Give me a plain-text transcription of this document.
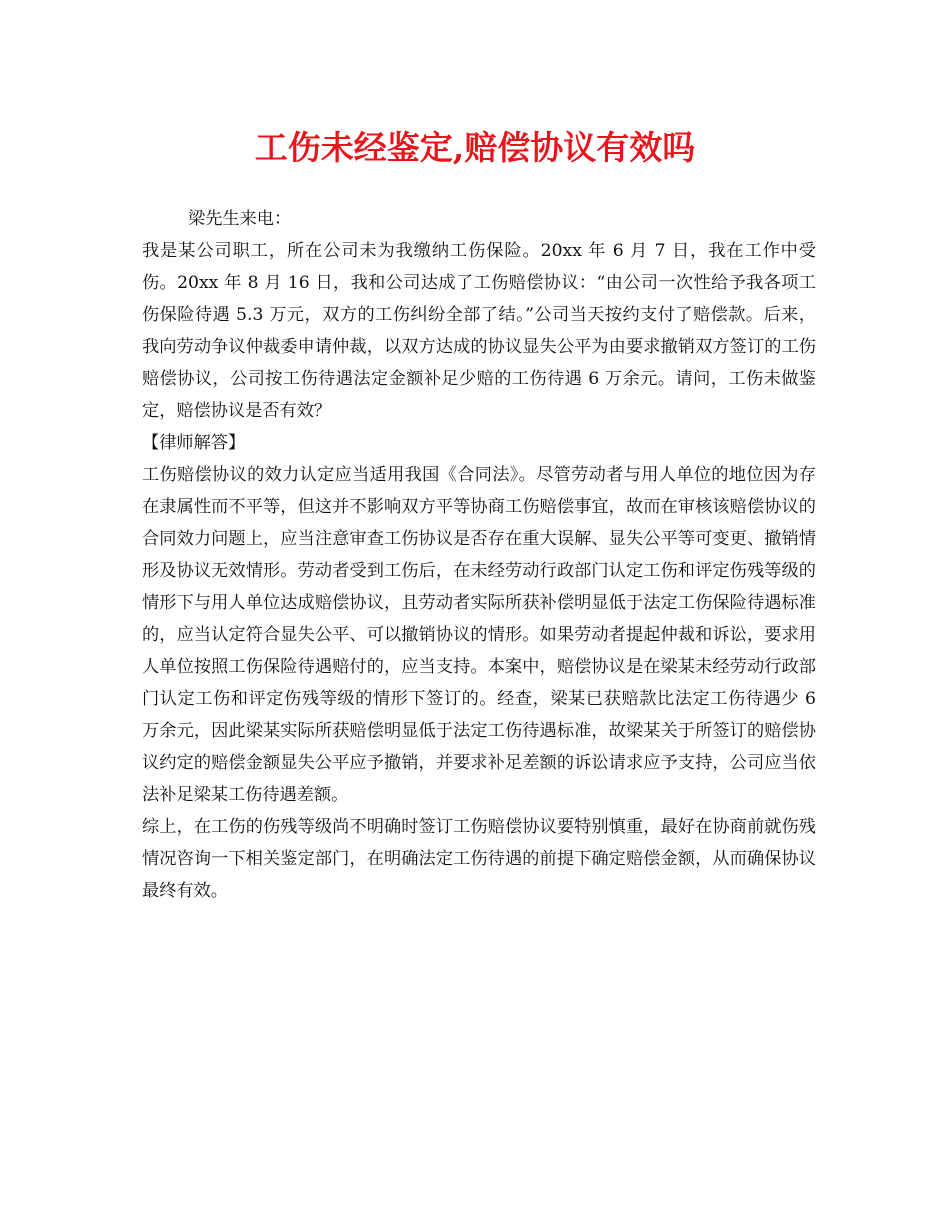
工伤未经鉴定,赔偿协议有效吗

梁先生来电：

我是某公司职工，所在公司未为我缴纳工伤保险。20xx 年 6 月 7 日，我在工作中受伤。20xx 年 8 月 16 日，我和公司达成了工伤赔偿协议：“由公司一次性给予我各项工伤保险待遇 5.3 万元，双方的工伤纠纷全部了结。”公司当天按约支付了赔偿款。后来，我向劳动争议仲裁委申请仲裁，以双方达成的协议显失公平为由要求撤销双方签订的工伤赔偿协议，公司按工伤待遇法定金额补足少赔的工伤待遇 6 万余元。请问，工伤未做鉴定，赔偿协议是否有效？

【律师解答】

工伤赔偿协议的效力认定应当适用我国《合同法》。尽管劳动者与用人单位的地位因为存在隶属性而不平等，但这并不影响双方平等协商工伤赔偿事宜，故而在审核该赔偿协议的合同效力问题上，应当注意审查工伤协议是否存在重大误解、显失公平等可变更、撤销情形及协议无效情形。劳动者受到工伤后，在未经劳动行政部门认定工伤和评定伤残等级的情形下与用人单位达成赔偿协议，且劳动者实际所获补偿明显低于法定工伤保险待遇标准的，应当认定符合显失公平、可以撤销协议的情形。如果劳动者提起仲裁和诉讼，要求用人单位按照工伤保险待遇赔付的，应当支持。本案中，赔偿协议是在梁某未经劳动行政部门认定工伤和评定伤残等级的情形下签订的。经查，梁某已获赔款比法定工伤待遇少 6 万余元，因此梁某实际所获赔偿明显低于法定工伤待遇标准，故梁某关于所签订的赔偿协议约定的赔偿金额显失公平应予撤销，并要求补足差额的诉讼请求应予支持，公司应当依法补足梁某工伤待遇差额。

综上，在工伤的伤残等级尚不明确时签订工伤赔偿协议要特别慎重，最好在协商前就伤残情况咨询一下相关鉴定部门，在明确法定工伤待遇的前提下确定赔偿金额，从而确保协议最终有效。
